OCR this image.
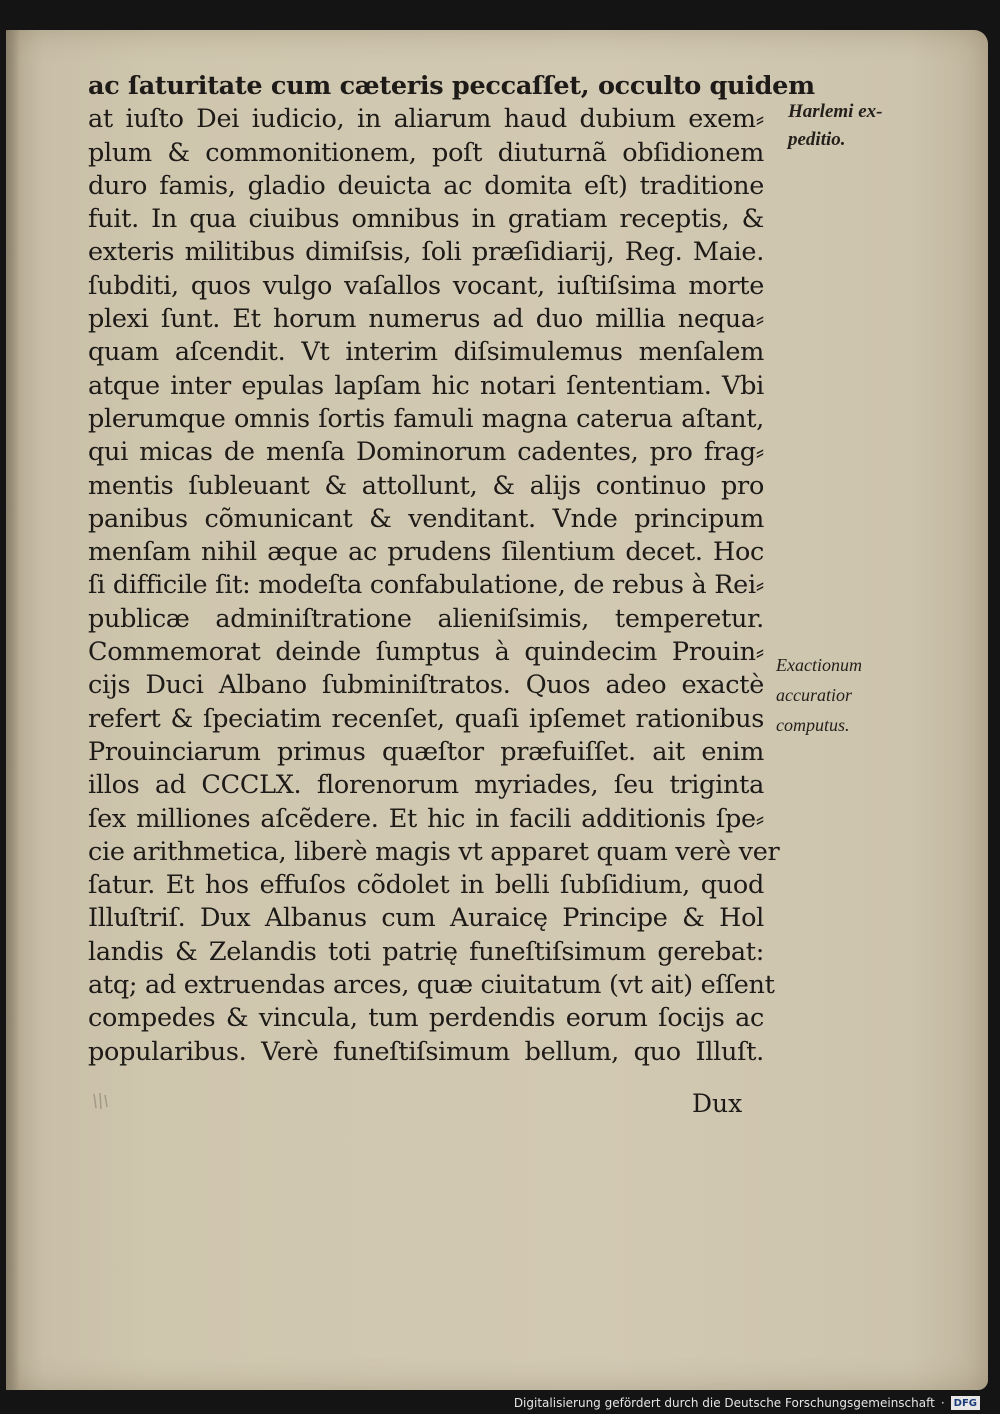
ac ſaturitate cum cæteris peccaſſet, occulto quidem
at iuſto Dei iudicio, in aliarum haud dubium exem⸗
plum & commonitionem, poſt diuturnã obſidionem
duro famis, gladio deuicta ac domita eſt) traditione
fuit. In qua ciuibus omnibus in gratiam receptis, &
exteris militibus dimiſsis, ſoli præſidiarij, Reg. Maie.
ſubditi, quos vulgo vaſallos vocant, iuſtiſsima morte
plexi ſunt. Et horum numerus ad duo millia nequa⸗
quam aſcendit. Vt interim diſsimulemus menſalem
atque inter epulas lapſam hic notari ſententiam. Vbi
plerumque omnis ſortis famuli magna caterua aſtant,
qui micas de menſa Dominorum cadentes, pro frag⸗
mentis ſubleuant & attollunt, & alijs continuo pro
panibus cõmunicant & venditant. Vnde principum
menſam nihil æque ac prudens ſilentium decet. Hoc
ſi difficile ſit: modeſta confabulatione, de rebus à Rei⸗
publicæ adminiſtratione alieniſsimis, temperetur.
Commemorat deinde ſumptus à quindecim Prouin⸗
cijs Duci Albano ſubminiſtratos. Quos adeo exactè
refert & ſpeciatim recenſet, quaſi ipſemet rationibus
Prouinciarum primus quæſtor præfuiſſet. ait enim
illos ad CCCLX. florenorum myriades, ſeu triginta
ſex milliones aſcẽdere. Et hic in facili additionis ſpe⸗
cie arithmetica, liberè magis vt apparet quam verè ver
ſatur. Et hos effuſos cõdolet in belli ſubſidium, quod
Illuſtriſ. Dux Albanus cum Auraicę Principe & Hol
landis & Zelandis toti patrię funeſtiſsimum gerebat:
atq; ad extruendas arces, quæ ciuitatum (vt ait) eſſent
compedes & vincula, tum perdendis eorum ſocijs ac
popularibus. Verè funeſtiſsimum bellum, quo Illuſt.
Dux
Harlemi ex-
peditio.
Exactionum
accuratior
computus.
Digitalisierung gefördert durch die Deutsche Forschungsgemeinschaft · DFG
